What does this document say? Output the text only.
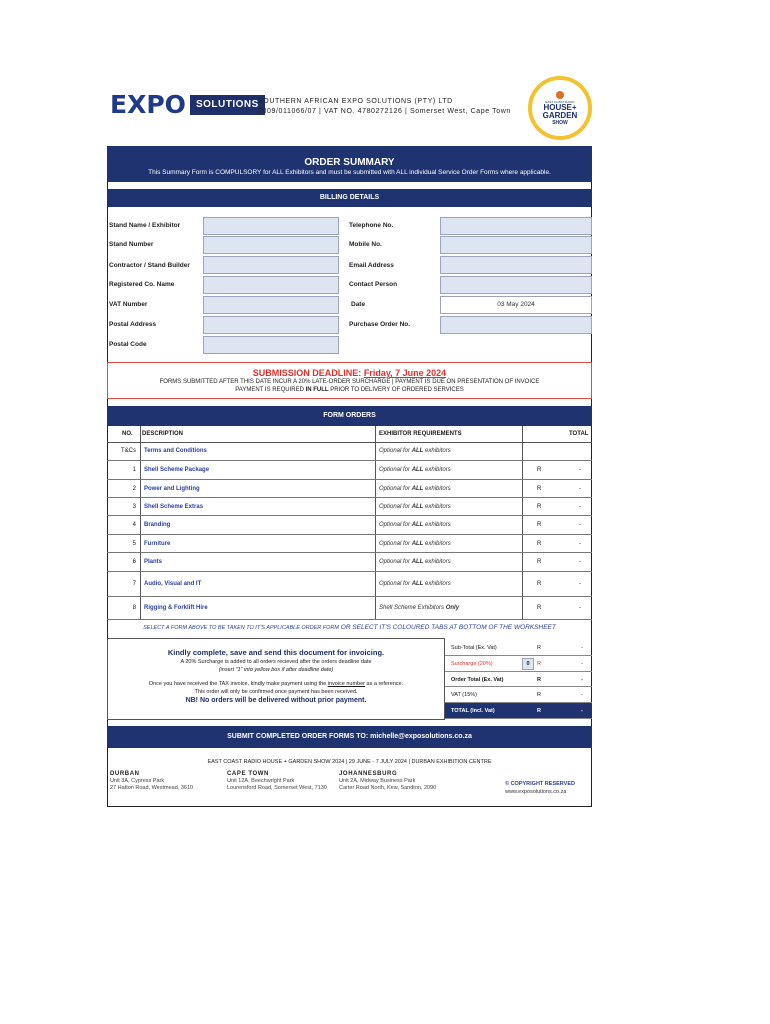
EXPO	SOLUTIONS SOUTHERN AFRICAN EXPO SOLUTIONS (PTY) LTD
2009/011066/07 | VAT NO. 4780272126 | Somerset West, Cape Town
EAST COAST RADIO
HOUSE+
GARDEN
SHOW
ORDER SUMMARY
This Summary Form is COMPULSORY for ALL Exhibitors and must be submitted with ALL individual Service Order Forms where applicable.
BILLING DETAILS
Stand Name / Exhibitor
Stand Number
Contractor / Stand Builder
Registered Co. Name
VAT Number
Postal Address
Postal Code
Telephone No.
Mobile No.
Email Address
Contact Person
Date	03 May 2024
Purchase Order No.
SUBMISSION DEADLINE: Friday, 7 June 2024
FORMS SUBMITTED AFTER THIS DATE INCUR A 20% LATE-ORDER SURCHARGE | PAYMENT IS DUE ON PRESENTATION OF INVOICE
PAYMENT IS REQUIRED IN FULL PRIOR TO DELIVERY OF ORDERED SERVICES
FORM ORDERS
NO. DESCRIPTION	EXHIBITOR REQUIREMENTS	TOTAL
T&Cs	Terms and Conditions	Optional for ALL exhibitors
1	Shell Scheme Package	Optional for ALL exhibitors	R	-
2	Power and Lighting	Optional for ALL exhibitors	R	-
3	Shell Scheme Extras	Optional for ALL exhibitors	R	-
4	Branding	Optional for ALL exhibitors	R	-
5	Furniture	Optional for ALL exhibitors	R	-
6	Plants	Optional for ALL exhibitors	R	-
7	Audio, Visual and IT	Optional for ALL exhibitors	R	-
8	Rigging & Forklift Hire	Shell Scheme Exhibitors Only	R	-
SELECT A FORM ABOVE TO BE TAKEN TO IT'S APPLICABLE ORDER FORM OR SELECT IT'S COLOURED TABS AT BOTTOM OF THE WORKSHEET
Kindly complete, save and send this document for invoicing.
A 20% Surcharge is added to all orders recieved after the orders deadline date
(insert "1" into yellow box if after deadline date)
Once you have received the TAX invoice, kindly make payment using the invoice number as a reference.
This order will only be confirmed once payment has been received.
NB! No orders will be delivered without prior payment.
Sub-Total (Ex. Vat)	R	-
Surcharge (20%)	0	R	-
Order Total (Ex. Vat)	R	-
VAT (15%)	R	-
TOTAL (Incl. Vat)	R	-
SUBMIT COMPLETED ORDER FORMS TO: michelle@exposolutions.co.za
EAST COAST RADIO HOUSE + GARDEN SHOW 2024 | 29 JUNE - 7 JULY 2024 | DURBAN EXHIBITION CENTRE
DURBAN
Unit 3A, Cypress Park
27 Hatton Road, Westmead, 3610
CAPE TOWN
Unit 12A, Beechwright Park
Lourensford Road, Somerset West, 7130
JOHANNESBURG
Unit 2A, Midway Business Park
Carter Road North, Kew, Sandton, 2090
© COPYRIGHT RESERVED
www.exposolutions.co.za
